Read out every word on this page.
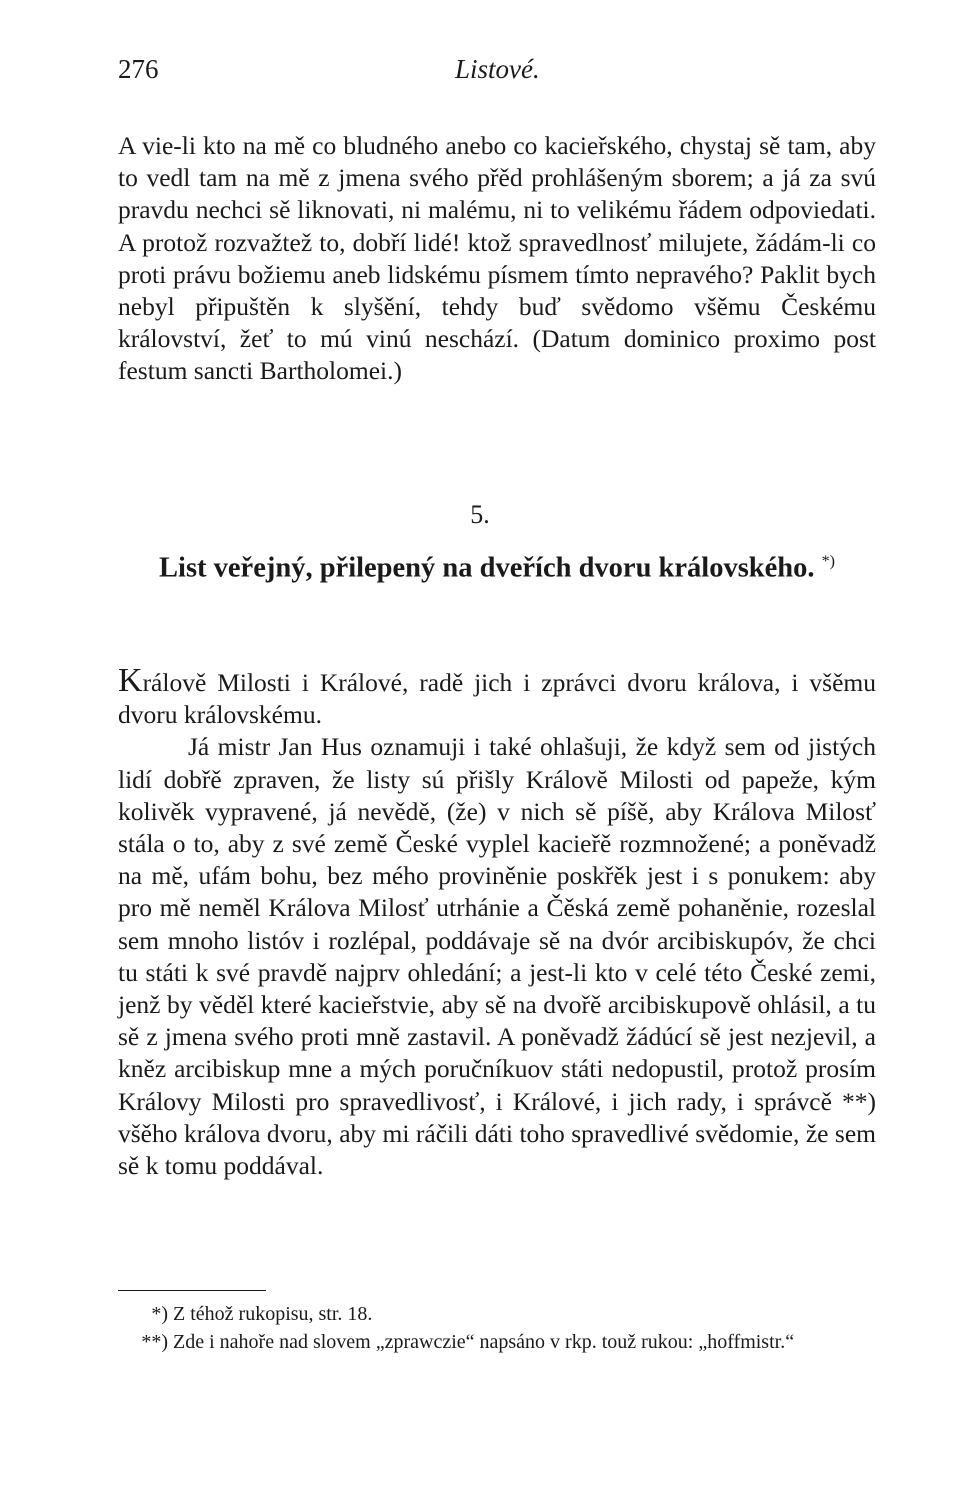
276	Listové.

A vie-li kto na mě co bludného anebo co kacieřského, chystaj sě tam, aby to vedl tam na mě z jmena svého přěd prohlášeným sborem; a já za svú pravdu nechci sě liknovati, ni malému, ni to velikému řádem odpoviedati. A protož rozvažtež to, dobří lidé! ktož spravedlnosť milujete, žádám-li co proti právu božiemu aneb lidskému písmem tímto nepravého? Paklit bych nebyl připuštěn k slyšění, tehdy buď svědomo všěmu Českému království, žeť to mú vinú neschází. (Datum dominico proximo post festum sancti Bartholomei.)

5.
List veřejný, přilepený na dveřích dvoru královského. *)

Králově Milosti i Králové, radě jich i zprávci dvoru králova, i všěmu dvoru královskému.

Já mistr Jan Hus oznamuji i také ohlašuji, že když sem od jistých lidí dobřě zpraven, že listy sú přišly Královĕ Milosti od papeže, kým kolivěk vypravené, já nevědě, (že) v nich sě píšě, aby Králova Milosť stála o to, aby z své země České vyplel kacieřě rozmnožené; a poněvadž na mě, ufám bohu, bez mého proviněnie poskřěk jest i s ponukem: aby pro mě neměl Králova Milosť utrhánie a Čěská země pohaněnie, rozeslal sem mnoho listóv i rozlépal, poddávaje sě na dvór arcibiskupóv, že chci tu státi k své pravdě najprv ohledání; a jest-li kto v celé této České zemi, jenž by věděl které kacieřstvie, aby sě na dvořě arcibiskupově ohlásil, a tu sě z jmena svého proti mně zastavil. A poněvadž žádúcí sě jest nezjevil, a kněz arcibiskup mne a mých poručníkuov státi nedopustil, protož prosím Královy Milosti pro spravedlivosť, i Králové, i jich rady, i správcě **) všěho králova dvoru, aby mi ráčili dáti toho spravedlivé svědomie, že sem sě k tomu poddával.

*) Z téhož rukopisu, str. 18.
**) Zde i nahoře nad slovem „zprawczie“ napsáno v rkp. touž rukou: „hoffmistr.“
